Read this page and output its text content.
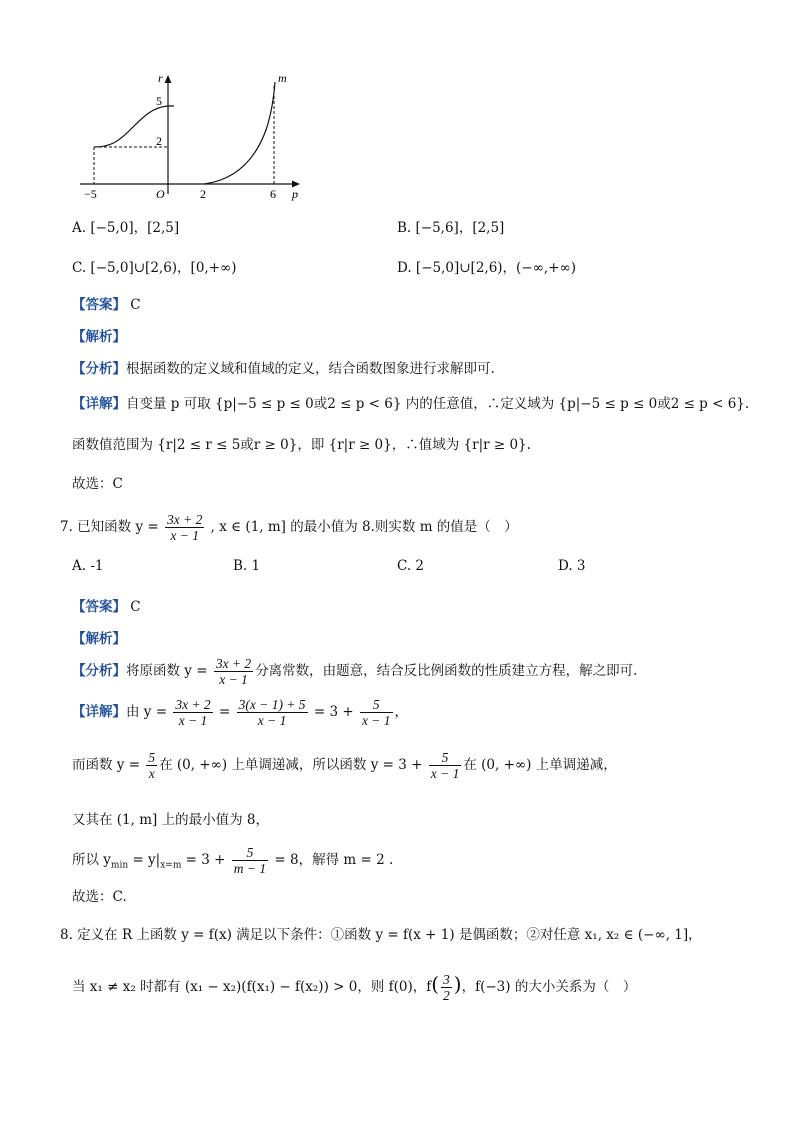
r
p
m
5
2
−5	O	2	6
A. [−5,0]，[2,5]	B. [−5,6]，[2,5]
C. [−5,0]∪[2,6)，[0,+∞)	D. [−5,0]∪[2,6)，(−∞,+∞)
【答案】 C
【解析】
【分析】根据函数的定义域和值域的定义，结合函数图象进行求解即可.
【详解】自变量 p 可取 {p|−5 ≤ p ≤ 0或2 ≤ p < 6} 内的任意值，∴定义域为 {p|−5 ≤ p ≤ 0或2 ≤ p < 6}.
函数值范围为 {r|2 ≤ r ≤ 5或r ≥ 0}，即 {r|r ≥ 0}，∴值域为 {r|r ≥ 0}.
故选：C
7. 已知函数 $y = \frac{3x + 2}{x - 1}$ , x ∈ (1, m] 的最小值为 8.则实数 m 的值是（　）
A. -1	B. 1	C. 2	D. 3
【答案】 C
【解析】
【分析】将原函数 $y = \frac{3x + 2}{x - 1}$ 分离常数，由题意，结合反比例函数的性质建立方程，解之即可.
【详解】由 $y = \frac{3x + 2}{x - 1} = \frac{3(x - 1) + 5}{x - 1} = 3 + \frac{5}{x - 1}$ ，
而函数 $y = \frac{5}{x}$ 在 (0, +∞) 上单调递减，所以函数 $y = 3 + \frac{5}{x - 1}$ 在 (0, +∞) 上单调递减，
又其在 (1, m] 上的最小值为 8，
所以 $y_{min} = y|_{x=m} = 3 + \frac{5}{m - 1} = 8$，解得 m = 2 .
故选：C.
8. 定义在 R 上函数 y = f(x) 满足以下条件：①函数 y = f(x + 1) 是偶函数；②对任意 x₁, x₂ ∈ (−∞, 1]，
当 x₁ ≠ x₂ 时都有 (x₁ − x₂)(f(x₁) − f(x₂)) > 0，则 f(0)，$f( \frac{3}{2}$ )，f(−3) 的大小关系为（　）
